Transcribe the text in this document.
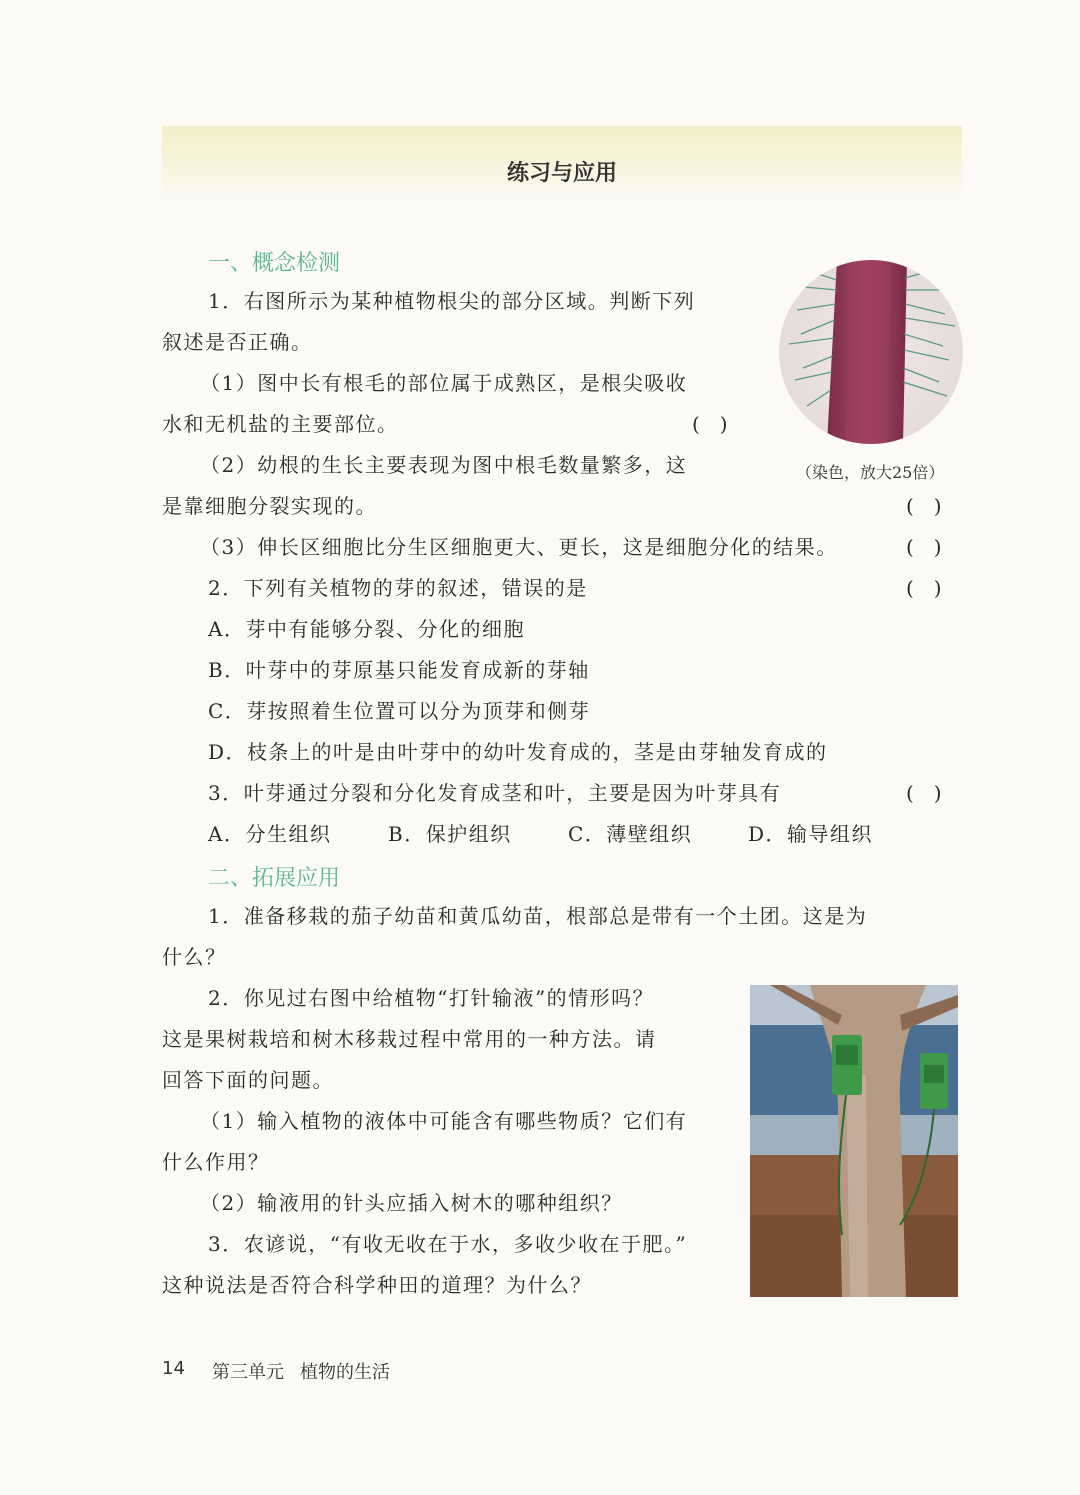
练习与应用
一、概念检测
1．右图所示为某种植物根尖的部分区域。判断下列
叙述是否正确。
（1）图中长有根毛的部位属于成熟区，是根尖吸收
水和无机盐的主要部位。	(　)
（2）幼根的生长主要表现为图中根毛数量繁多，这
是靠细胞分裂实现的。	(　)
（3）伸长区细胞比分生区细胞更大、更长，这是细胞分化的结果。	(　)
（染色，放大25倍）
2．下列有关植物的芽的叙述，错误的是	(　)
A．芽中有能够分裂、分化的细胞
B．叶芽中的芽原基只能发育成新的芽轴
C．芽按照着生位置可以分为顶芽和侧芽
D．枝条上的叶是由叶芽中的幼叶发育成的，茎是由芽轴发育成的
3．叶芽通过分裂和分化发育成茎和叶，主要是因为叶芽具有	(　)
A．分生组织	B．保护组织	C．薄壁组织	D．输导组织
二、拓展应用
1．准备移栽的茄子幼苗和黄瓜幼苗，根部总是带有一个土团。这是为
什么？
2．你见过右图中给植物“打针输液”的情形吗？
这是果树栽培和树木移栽过程中常用的一种方法。请
回答下面的问题。
（1）输入植物的液体中可能含有哪些物质？它们有
什么作用？
（2）输液用的针头应插入树木的哪种组织？
3．农谚说，“有收无收在于水，多收少收在于肥。”
这种说法是否符合科学种田的道理？为什么？
14 第三单元 植物的生活
